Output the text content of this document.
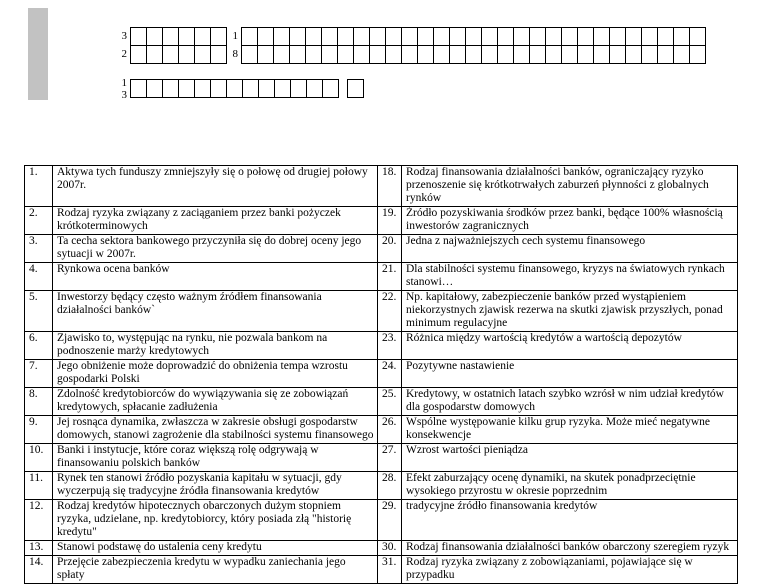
3
2
1
8
1
3
1.	Aktywa tych funduszy zmniejszyły się o połowę od drugiej połowy 2007r.	18.	Rodzaj finansowania działalności banków, ograniczający ryzyko przenoszenie się krótkotrwałych zaburzeń płynności z globalnych rynków
2.	Rodzaj ryzyka związany z zaciąganiem przez banki pożyczek krótkoterminowych	19.	Źródło pozyskiwania środków przez banki, będące 100% własnością inwestorów zagranicznych
3.	Ta cecha sektora bankowego przyczyniła się do dobrej oceny jego sytuacji w 2007r.	20.	Jedna z najważniejszych cech systemu finansowego
4.	Rynkowa ocena banków	21.	Dla stabilności systemu finansowego, kryzys na światowych rynkach stanowi…
5.	Inwestorzy będący często ważnym źródłem finansowania działalności banków`	22.	Np. kapitałowy, zabezpieczenie banków przed wystąpieniem niekorzystnych zjawisk rezerwa na skutki zjawisk przyszłych, ponad minimum regulacyjne
6.	Zjawisko to, występując na rynku, nie pozwala bankom na podnoszenie marży kredytowych	23.	Różnica między wartością kredytów a wartością depozytów
7.	Jego obniżenie może doprowadzić do obniżenia tempa wzrostu gospodarki Polski	24.	Pozytywne nastawienie
8.	Zdolność kredytobiorców do wywiązywania się ze zobowiązań kredytowych, spłacanie zadłużenia	25.	Kredytowy, w ostatnich latach szybko wzrósł w nim udział kredytów dla gospodarstw domowych
9.	Jej rosnąca dynamika, zwłaszcza w zakresie obsługi gospodarstw domowych, stanowi zagrożenie dla stabilności systemu finansowego	26.	Wspólne występowanie kilku grup ryzyka. Może mieć negatywne konsekwencje
10.	Banki i instytucje, które coraz większą rolę odgrywają w finansowaniu polskich banków	27.	Wzrost wartości pieniądza
11.	Rynek ten stanowi źródło pozyskania kapitału w sytuacji, gdy wyczerpują się tradycyjne źródła finansowania kredytów	28.	Efekt zaburzający ocenę dynamiki, na skutek ponadprzeciętnie wysokiego przyrostu w okresie poprzednim
12.	Rodzaj kredytów hipotecznych obarczonych dużym stopniem ryzyka, udzielane, np. kredytobiorcy, który posiada złą "historię kredytu"	29.	tradycyjne źródło finansowania kredytów
13.	Stanowi podstawę do ustalenia ceny kredytu	30.	Rodzaj finansowania działalności banków obarczony szeregiem ryzyk
14.	Przejęcie zabezpieczenia kredytu w wypadku zaniechania jego spłaty	31.	Rodzaj ryzyka związany z zobowiązaniami, pojawiające się w przypadku
